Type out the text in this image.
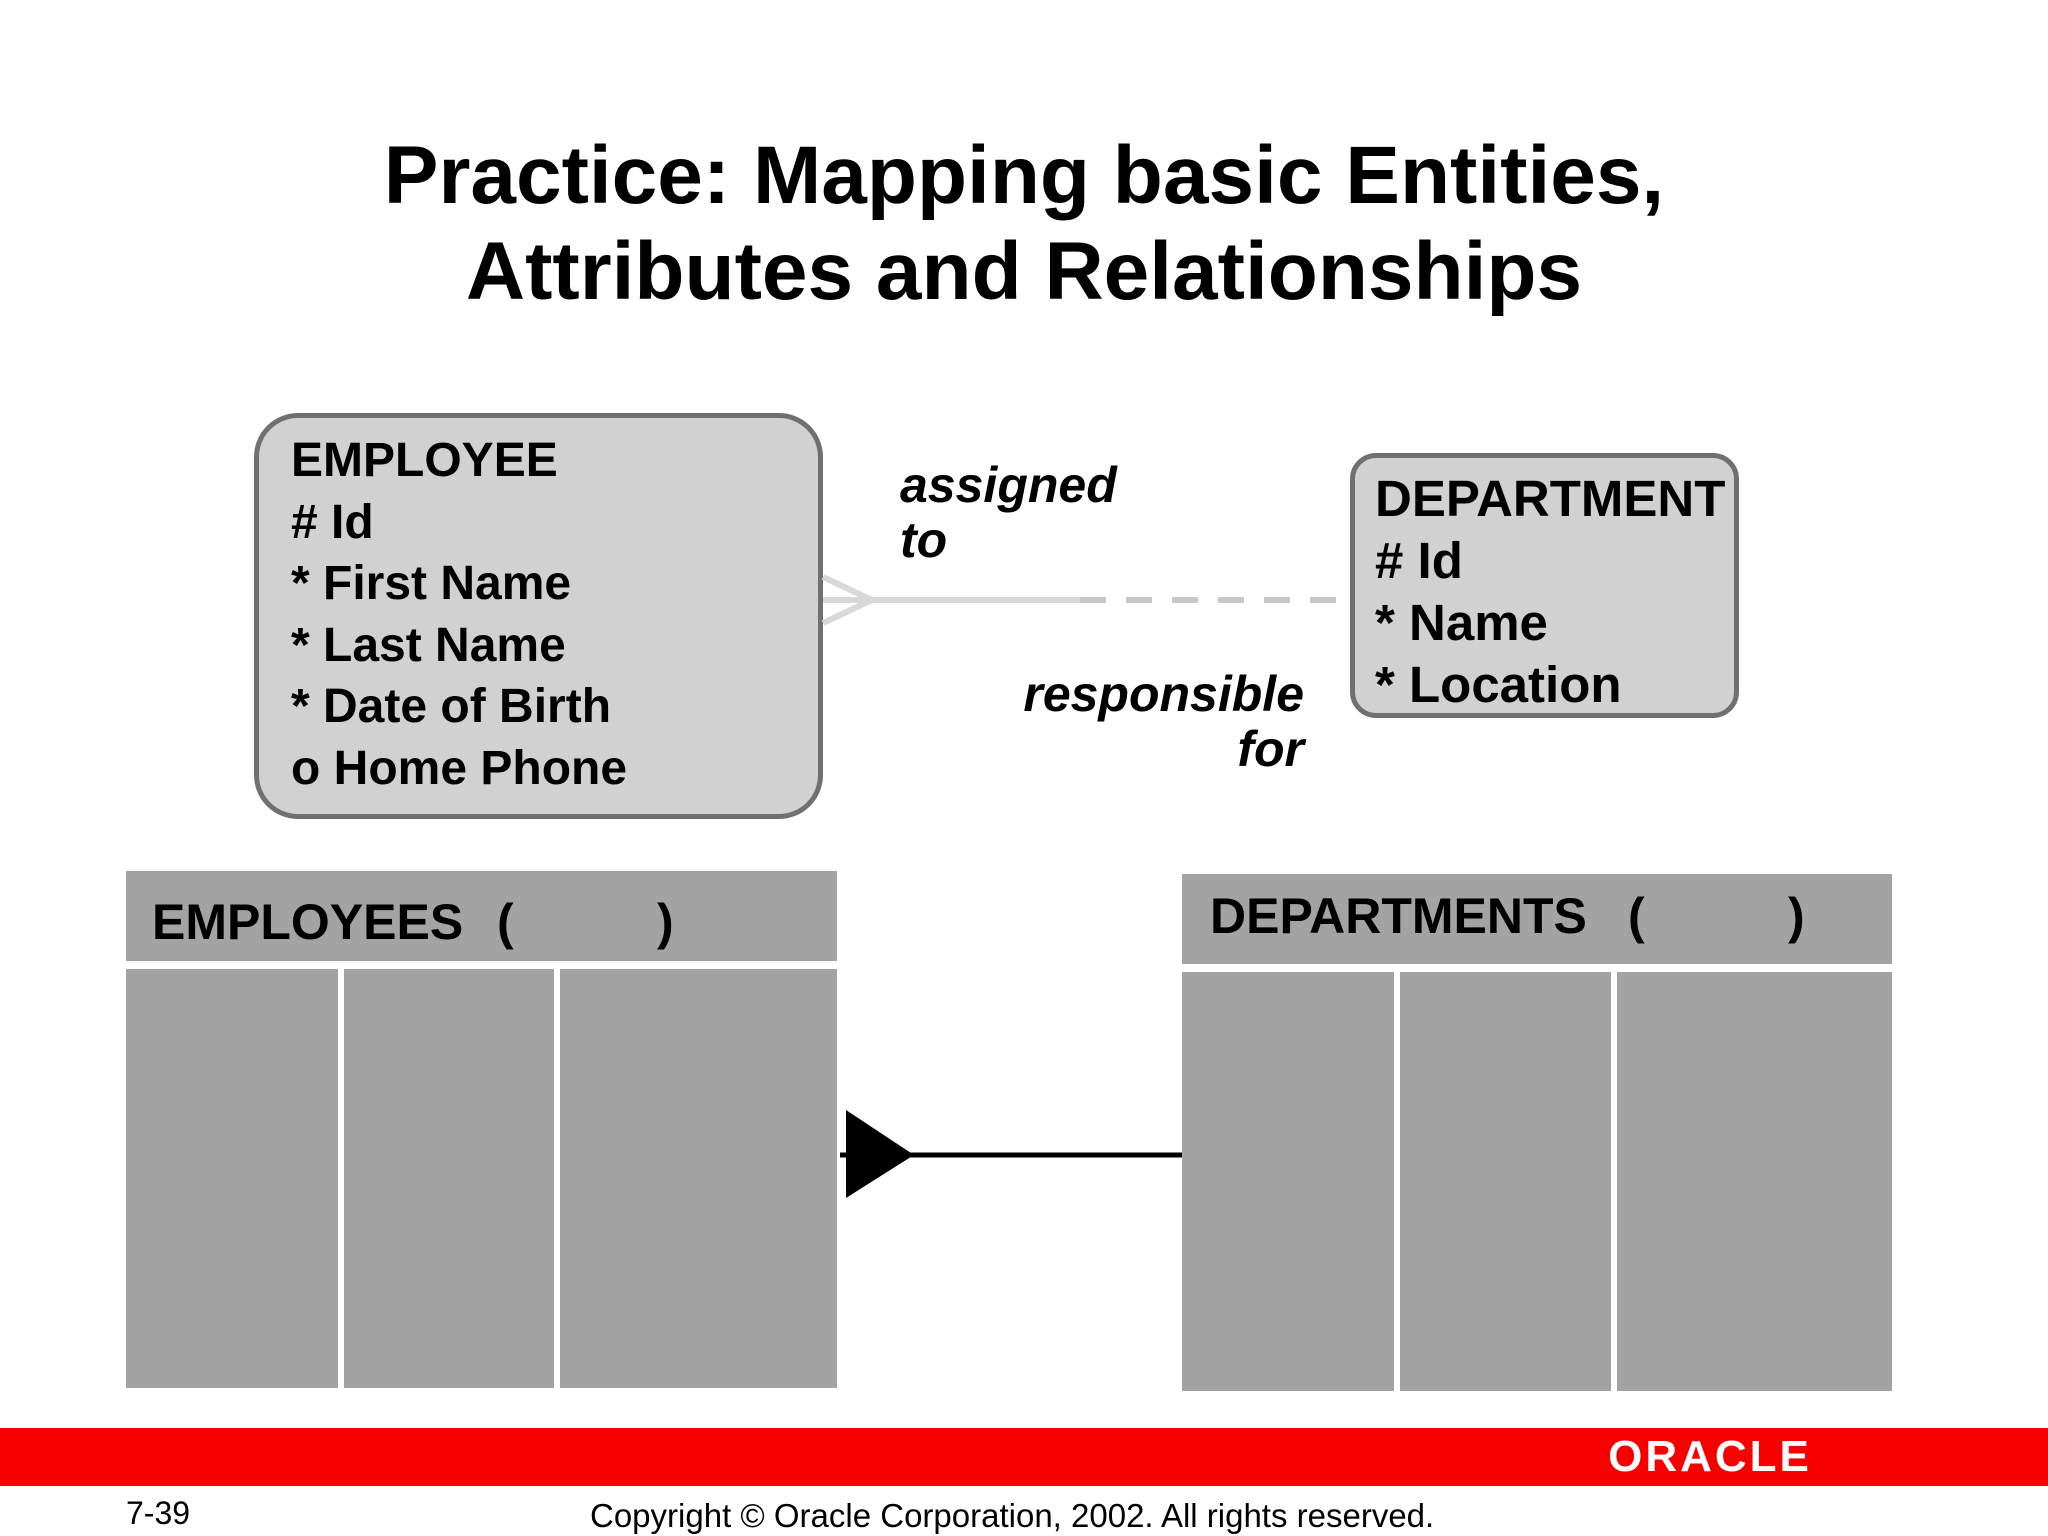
Practice: Mapping basic Entities,
Attributes and Relationships
EMPLOYEE
# Id
* First Name
* Last Name
* Date of Birth
o Home Phone
DEPARTMENT
# Id
* Name
* Location
assigned
to
responsible
for
EMPLOYEES (	)	DEPARTMENTS (	)
ORACLE
7-39	Copyright © Oracle Corporation, 2002. All rights reserved.
